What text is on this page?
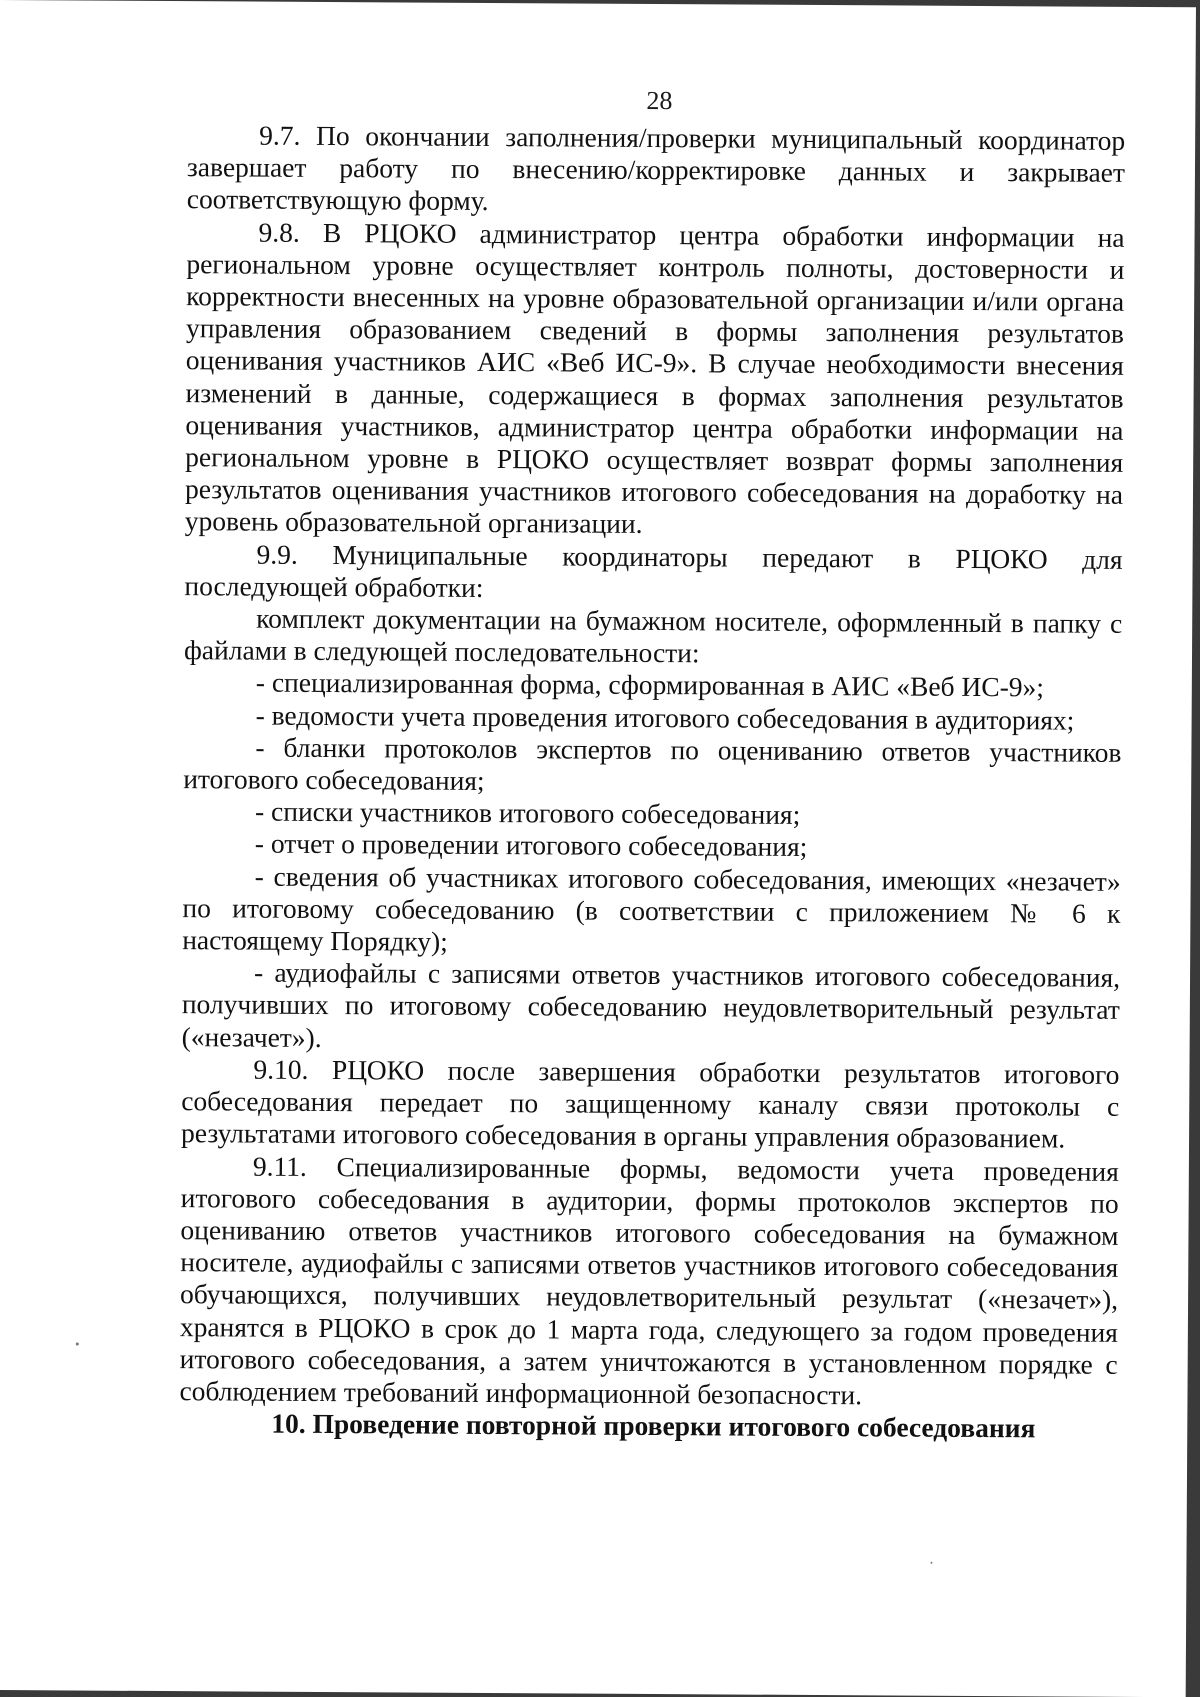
28

9.7. По окончании заполнения/проверки муниципальный координатор завершает работу по внесению/корректировке данных и закрывает соответствующую форму.

9.8. В РЦОКО администратор центра обработки информации на региональном уровне осуществляет контроль полноты, достоверности и корректности внесенных на уровне образовательной организации и/или органа управления образованием сведений в формы заполнения результатов оценивания участников АИС «Веб ИС-9». В случае необходимости внесения изменений в данные, содержащиеся в формах заполнения результатов оценивания участников, администратор центра обработки информации на региональном уровне в РЦОКО осуществляет возврат формы заполнения результатов оценивания участников итогового собеседования на доработку на уровень образовательной организации.

9.9. Муниципальные координаторы передают в РЦОКО для последующей обработки:

комплект документации на бумажном носителе, оформленный в папку с файлами в следующей последовательности:

- специализированная форма, сформированная в АИС «Веб ИС-9»;

- ведомости учета проведения итогового собеседования в аудиториях;

- бланки протоколов экспертов по оцениванию ответов участников итогового собеседования;

- списки участников итогового собеседования;

- отчет о проведении итогового собеседования;

- сведения об участниках итогового собеседования, имеющих «незачет» по итоговому собеседованию (в соответствии с приложением № 6 к настоящему Порядку);

- аудиофайлы с записями ответов участников итогового собеседования, получивших по итоговому собеседованию неудовлетворительный результат («незачет»).

9.10. РЦОКО после завершения обработки результатов итогового собеседования передает по защищенному каналу связи протоколы с результатами итогового собеседования в органы управления образованием.

9.11. Специализированные формы, ведомости учета проведения итогового собеседования в аудитории, формы протоколов экспертов по оцениванию ответов участников итогового собеседования на бумажном носителе, аудиофайлы с записями ответов участников итогового собеседования обучающихся, получивших неудовлетворительный результат («незачет»), хранятся в РЦОКО в срок до 1 марта года, следующего за годом проведения итогового собеседования, а затем уничтожаются в установленном порядке с соблюдением требований информационной безопасности.

10. Проведение повторной проверки итогового собеседования
